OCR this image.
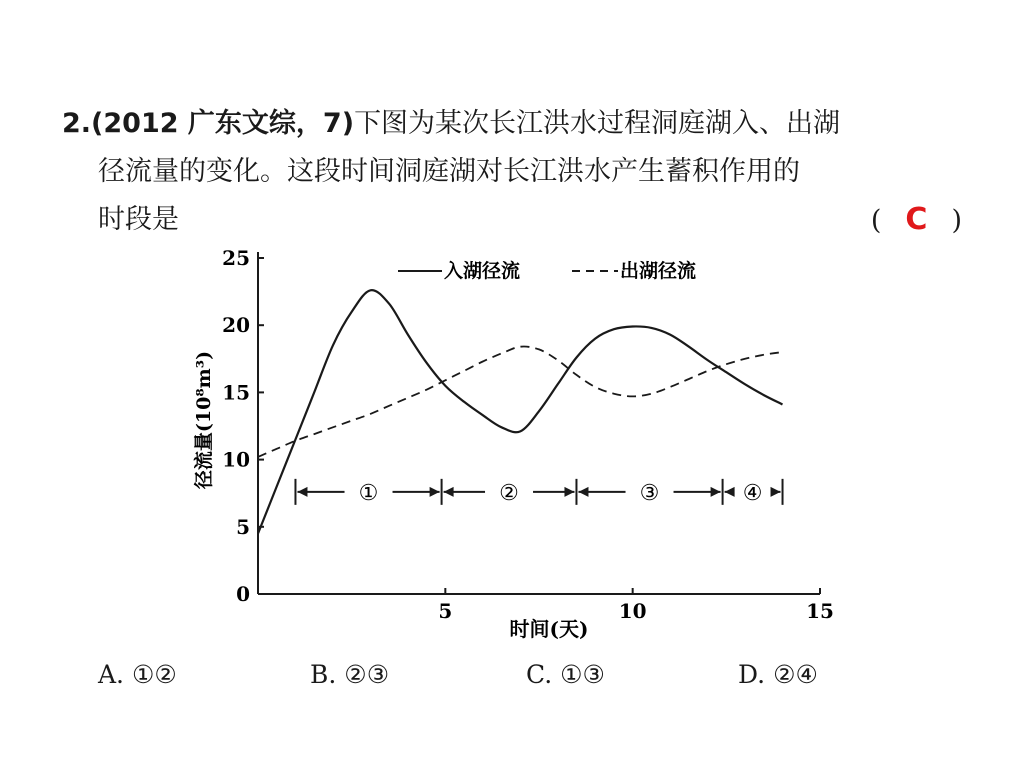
2.(2012 广东文综，7)下图为某次长江洪水过程洞庭湖入、出湖
径流量的变化。这段时间洞庭湖对长江洪水产生蓄积作用的
时段是	( C )
0
5
10
15
20
25
5	10	15
①	②	③	④
入湖径流	出湖径流
时间(天)
径流量(10⁸m³)
A. ①②	B. ②③	C. ①③	D. ②④
